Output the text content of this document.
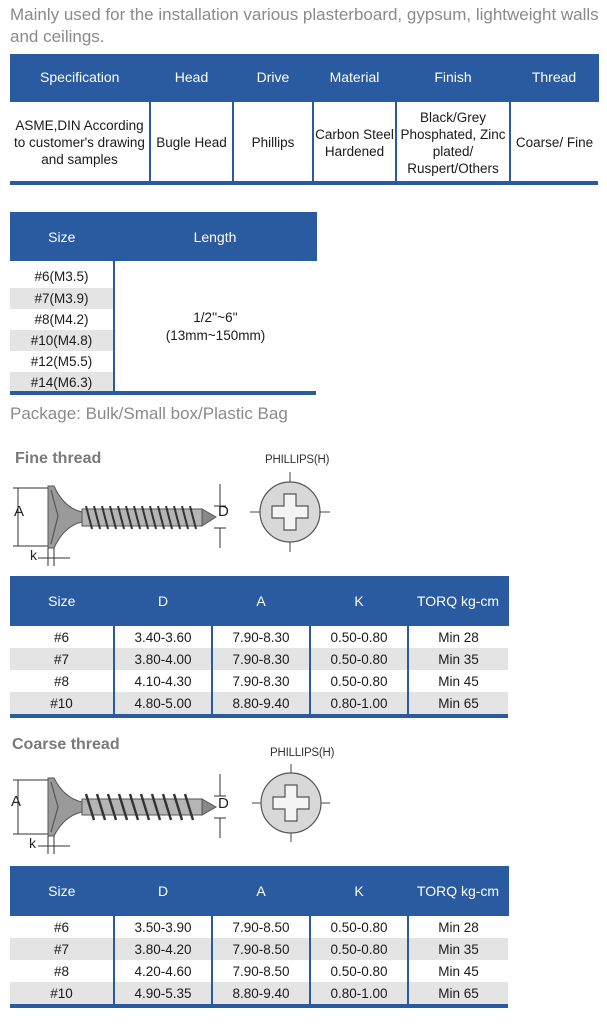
Mainly used for the installation various plasterboard, gypsum, lightweight walls and ceilings.

Specification	Head	Drive	Material	Finish	Thread
ASME,DIN According to customer's drawing and samples	Bugle Head	Phillips	Carbon Steel Hardened	Black/Grey Phosphated, Zinc plated/ Ruspert/Others	Coarse/ Fine
Size	Length
#6(M3.5)	1/2''~6''
(13mm~150mm)

#7(M3.9)	
#8(M4.2)	
#10(M4.8)	
#12(M5.5)	
#14(M6.3)	

Package: Bulk/Small box/Plastic Bag

Fine thread	PHILLIPS(H)

A	D
k
Size	D	A	K	TORQ kg-cm
#6	3.40-3.60	7.90-8.30	0.50-0.80	Min 28
#7	3.80-4.00	7.90-8.30	0.50-0.80	Min 35
#8	4.10-4.30	7.90-8.30	0.50-0.80	Min 45
#10	4.80-5.00	8.80-9.40	0.80-1.00	Min 65

Coarse thread	PHILLIPS(H)

A	D
k
Size	D	A	K	TORQ kg-cm
#6	3.50-3.90	7.90-8.50	0.50-0.80	Min 28
#7	3.80-4.20	7.90-8.50	0.50-0.80	Min 35
#8	4.20-4.60	7.90-8.50	0.50-0.80	Min 45
#10	4.90-5.35	8.80-9.40	0.80-1.00	Min 65
